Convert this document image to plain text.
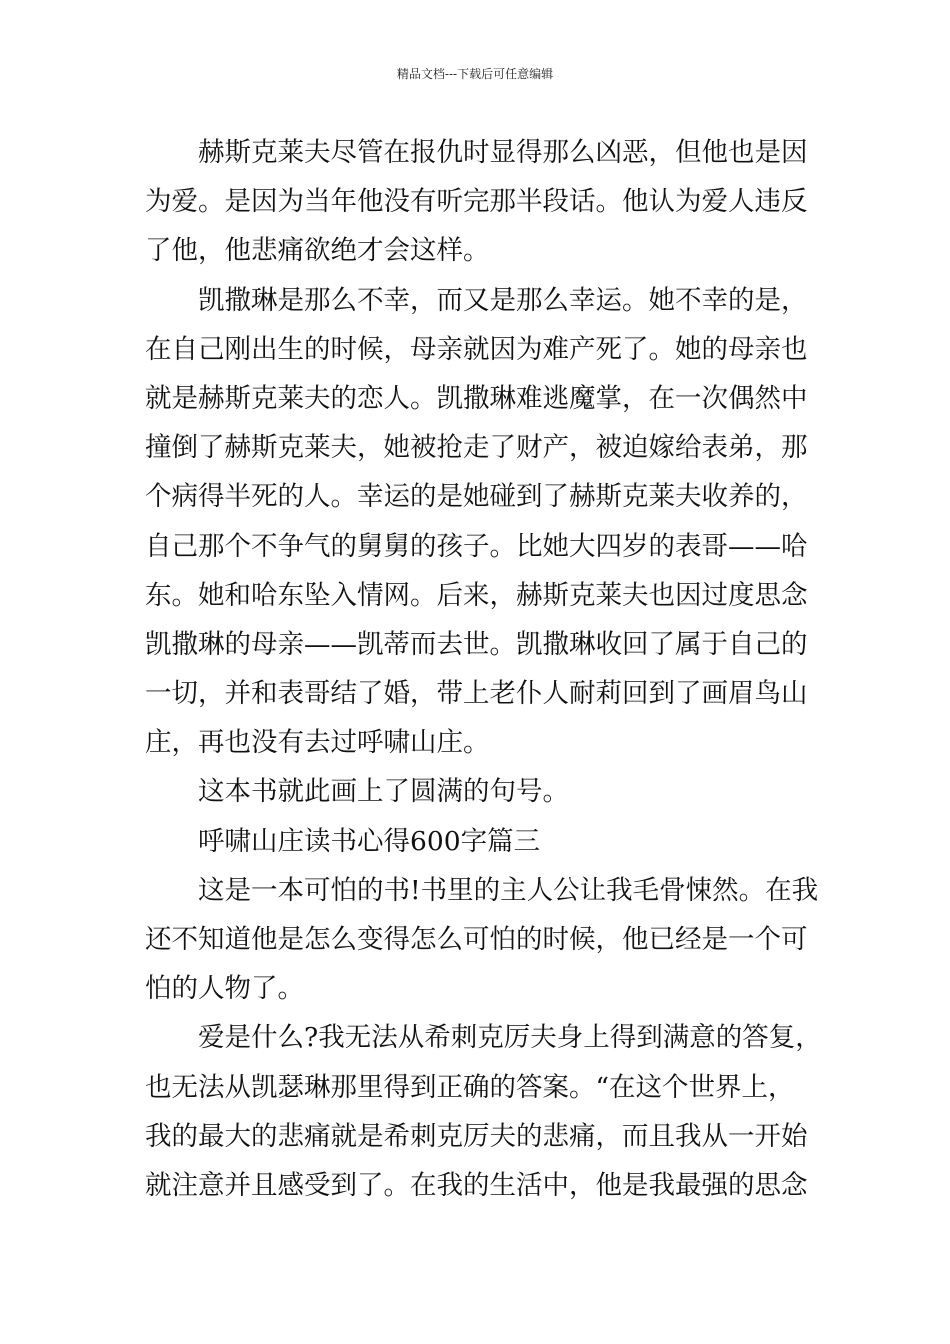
精品文档---下载后可任意编辑
赫斯克莱夫尽管在报仇时显得那么凶恶，但他也是因
为爱。是因为当年他没有听完那半段话。他认为爱人违反
了他，他悲痛欲绝才会这样。
凯撒琳是那么不幸，而又是那么幸运。她不幸的是，
在自己刚出生的时候，母亲就因为难产死了。她的母亲也
就是赫斯克莱夫的恋人。凯撒琳难逃魔掌，在一次偶然中
撞倒了赫斯克莱夫，她被抢走了财产，被迫嫁给表弟，那
个病得半死的人。幸运的是她碰到了赫斯克莱夫收养的，
自己那个不争气的舅舅的孩子。比她大四岁的表哥——哈
东。她和哈东坠入情网。后来，赫斯克莱夫也因过度思念
凯撒琳的母亲——凯蒂而去世。凯撒琳收回了属于自己的
一切，并和表哥结了婚，带上老仆人耐莉回到了画眉鸟山
庄，再也没有去过呼啸山庄。
这本书就此画上了圆满的句号。
呼啸山庄读书心得600字篇三
这是一本可怕的书!书里的主人公让我毛骨悚然。在我
还不知道他是怎么变得怎么可怕的时候，他已经是一个可
怕的人物了。
爱是什么?我无法从希刺克厉夫身上得到满意的答复，
也无法从凯瑟琳那里得到正确的答案。“在这个世界上，
我的最大的悲痛就是希刺克厉夫的悲痛，而且我从一开始
就注意并且感受到了。在我的生活中，他是我最强的思念
